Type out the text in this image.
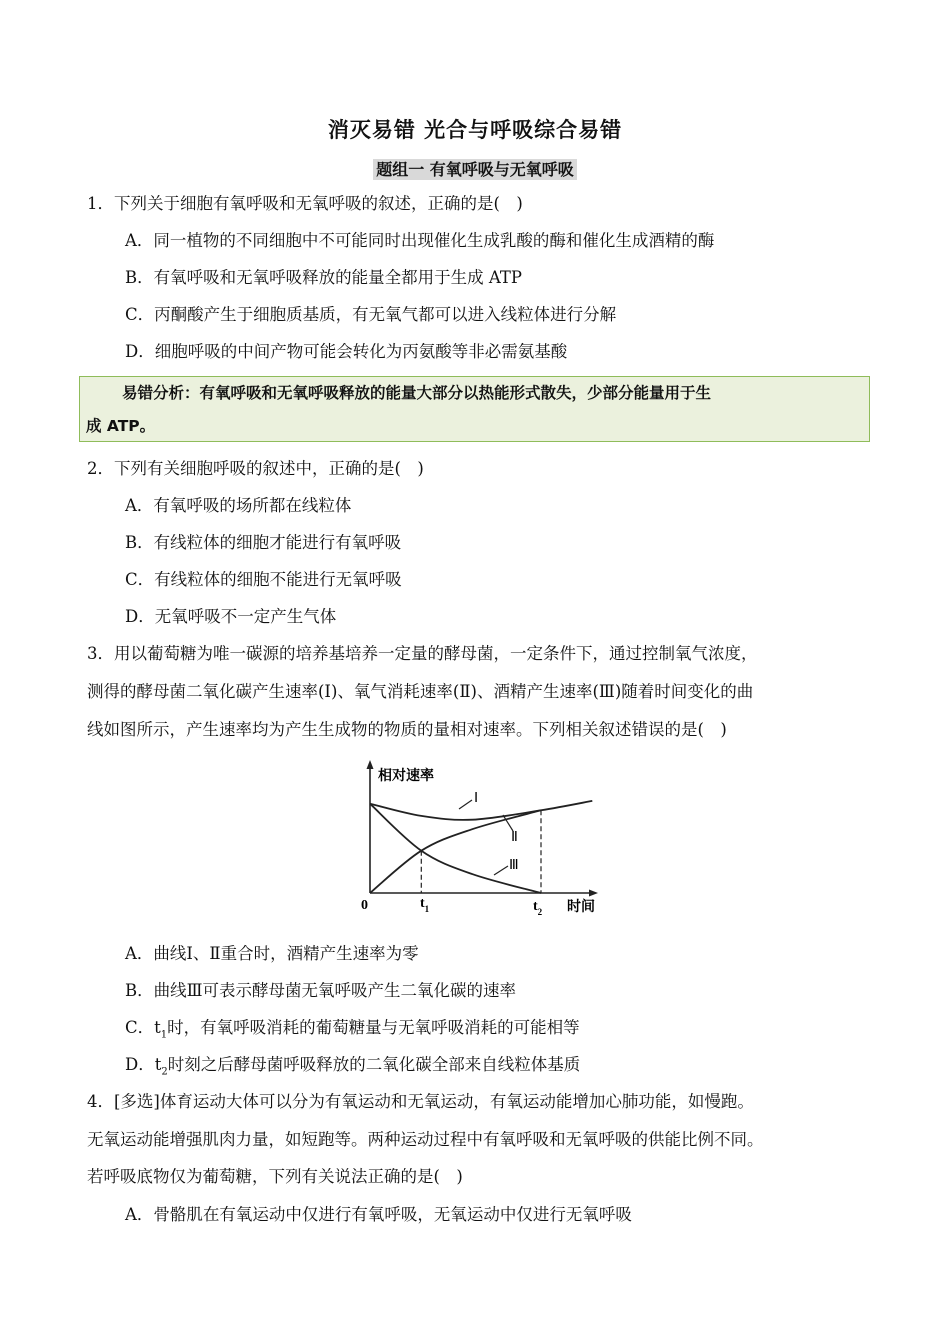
消灭易错 光合与呼吸综合易错
题组一 有氧呼吸与无氧呼吸
1．下列关于细胞有氧呼吸和无氧呼吸的叙述，正确的是(　)
A．同一植物的不同细胞中不可能同时出现催化生成乳酸的酶和催化生成酒精的酶
B．有氧呼吸和无氧呼吸释放的能量全都用于生成 ATP
C．丙酮酸产生于细胞质基质，有无氧气都可以进入线粒体进行分解
D．细胞呼吸的中间产物可能会转化为丙氨酸等非必需氨基酸
易错分析：有氧呼吸和无氧呼吸释放的能量大部分以热能形式散失，少部分能量用于生
成 ATP。
2．下列有关细胞呼吸的叙述中，正确的是(　)
A．有氧呼吸的场所都在线粒体
B．有线粒体的细胞才能进行有氧呼吸
C．有线粒体的细胞不能进行无氧呼吸
D．无氧呼吸不一定产生气体
3．用以葡萄糖为唯一碳源的培养基培养一定量的酵母菌，一定条件下，通过控制氧气浓度，
测得的酵母菌二氧化碳产生速率(Ⅰ)、氧气消耗速率(Ⅱ)、酒精产生速率(Ⅲ)随着时间变化的曲
线如图所示，产生速率均为产生生成物的物质的量相对速率。下列相关叙述错误的是(　)
Ⅰ
Ⅱ
Ⅲ
相对速率
0	$t_1$	$t_2$ 时间
A．曲线Ⅰ、Ⅱ重合时，酒精产生速率为零
B．曲线Ⅲ可表示酵母菌无氧呼吸产生二氧化碳的速率
C．$t_1$时，有氧呼吸消耗的葡萄糖量与无氧呼吸消耗的可能相等
D．$t_2$时刻之后酵母菌呼吸释放的二氧化碳全部来自线粒体基质
4．[多选]体育运动大体可以分为有氧运动和无氧运动，有氧运动能增加心肺功能，如慢跑。
无氧运动能增强肌肉力量，如短跑等。两种运动过程中有氧呼吸和无氧呼吸的供能比例不同。
若呼吸底物仅为葡萄糖，下列有关说法正确的是(　)
A．骨骼肌在有氧运动中仅进行有氧呼吸，无氧运动中仅进行无氧呼吸
